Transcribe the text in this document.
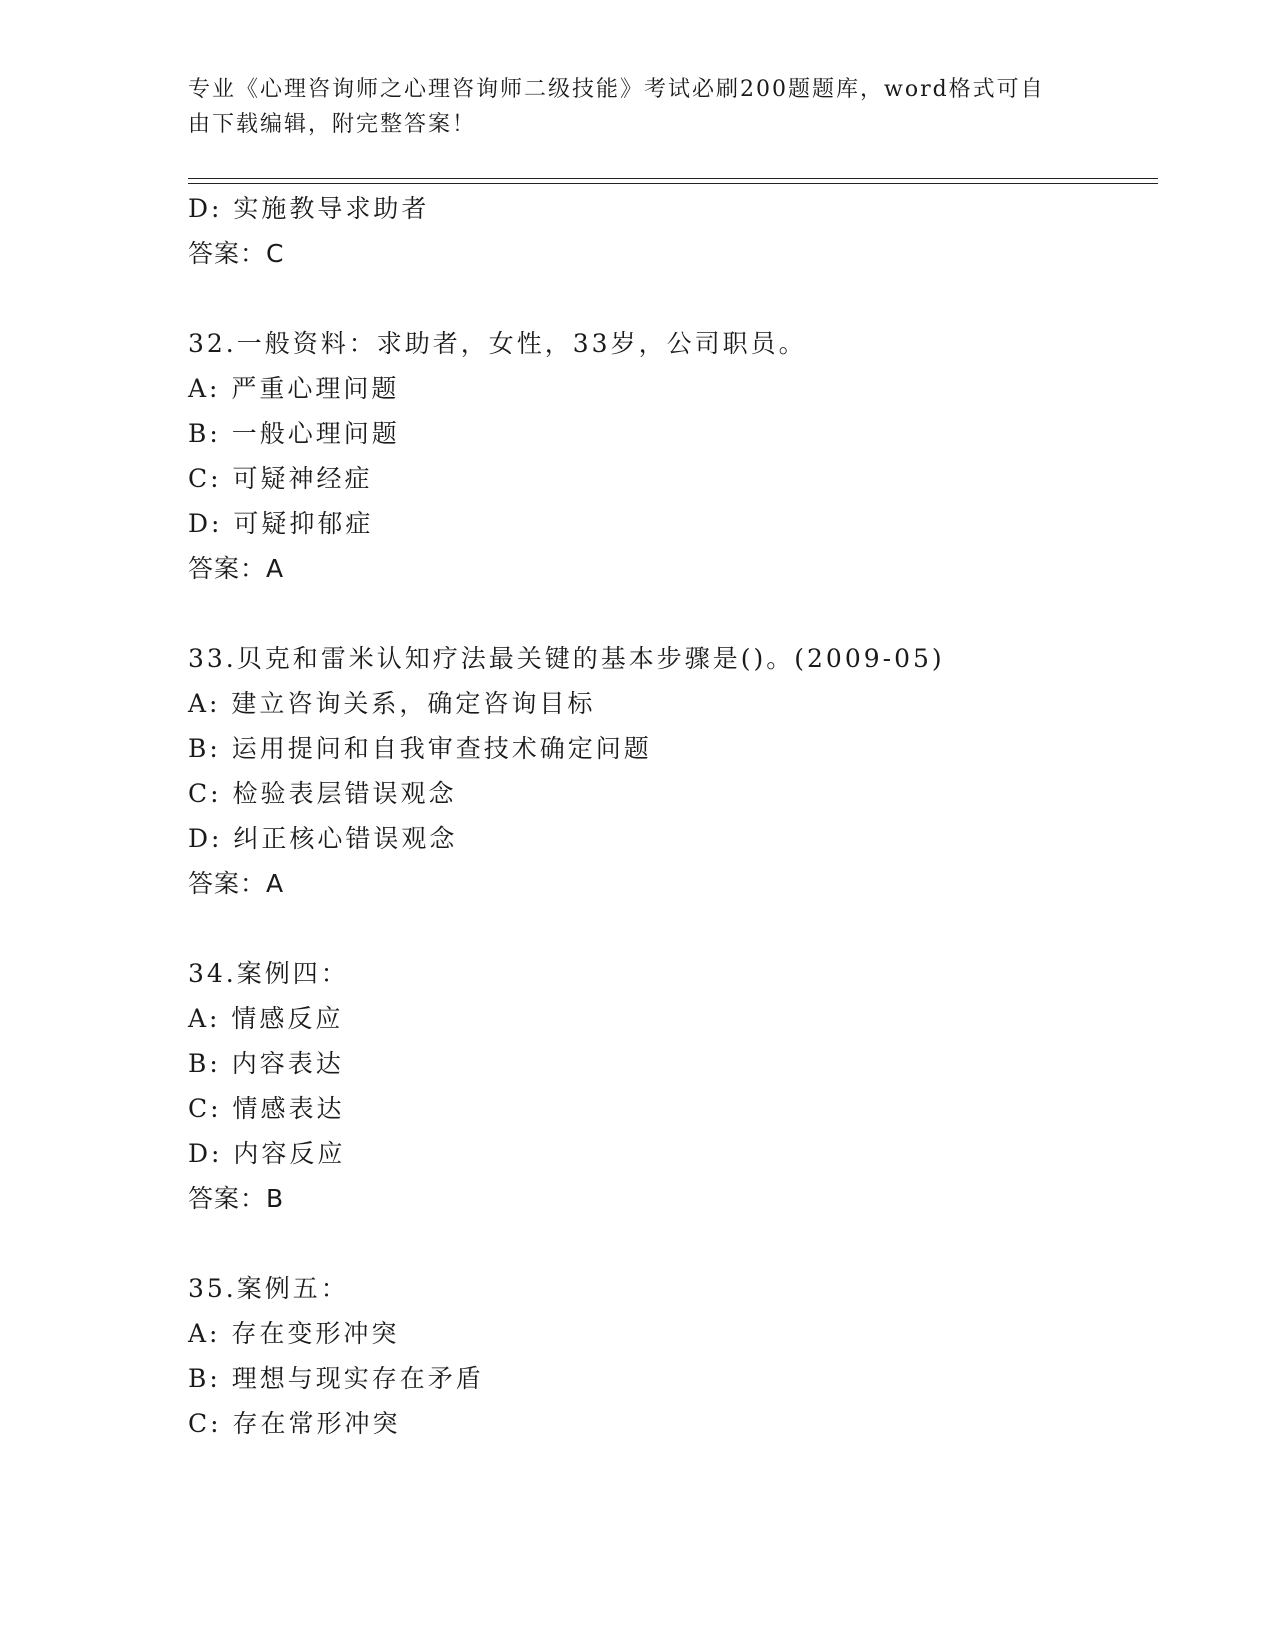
专业《心理咨询师之心理咨询师二级技能》考试必刷200题题库，word格式可自
由下载编辑，附完整答案！
D: 实施教导求助者
答案：C
32.一般资料：求助者，女性，33岁，公司职员。
A: 严重心理问题
B: 一般心理问题
C: 可疑神经症
D: 可疑抑郁症
答案：A
33.贝克和雷米认知疗法最关键的基本步骤是()。(2009-05)
A: 建立咨询关系，确定咨询目标
B: 运用提问和自我审查技术确定问题
C: 检验表层错误观念
D: 纠正核心错误观念
答案：A
34.案例四：
A: 情感反应
B: 内容表达
C: 情感表达
D: 内容反应
答案：B
35.案例五：
A: 存在变形冲突
B: 理想与现实存在矛盾
C: 存在常形冲突
